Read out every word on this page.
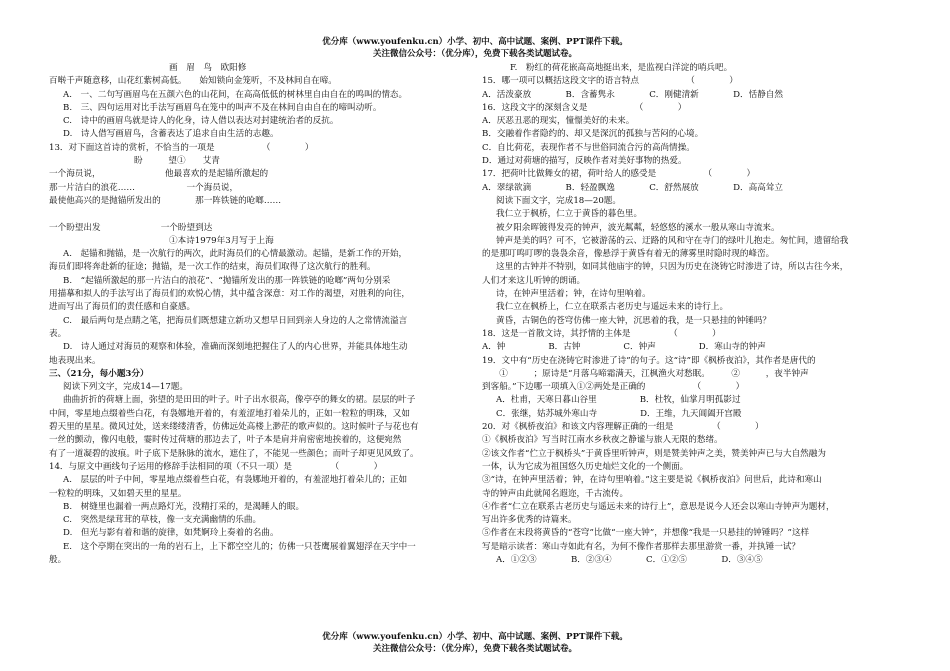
优分库（www.youfenku.cn）小学、初中、高中试题、案例、PPT课件下载。
关注微信公众号：（优分库），免费下载各类试题试卷。
画　眉　鸟　欧阳修
百啭千声随意移，山花红紫树高低。　　始知锁向金笼听，不及林间自在啼。
A.　一、二句写画眉鸟在五颜六色的山花间，在高高低低的树林里自由自在的鸣叫的情态。
B.　三、四句运用对比手法写画眉鸟在笼中的叫声不及在林间自由自在的啼叫动听。
C.　诗中的画眉鸟就是诗人的化身，诗人借以表达对封建统治者的反抗。
D.　诗人借写画眉鸟，含蓄表达了追求自由生活的志趣。
13．对下面这首诗的赏析，不恰当的一项是　　　　　　（　　　　）
盼　　　望①　　艾青
一个海员说，　　　　　　　　他最喜欢的是起锚所激起的
那一片洁白的浪花……　　　　　　一个海员说，
最使他高兴的是抛锚所发出的　　　　那一阵铁链的呛啷……
一个盼望出发　　　　　　　一个盼望到达
①本诗1979年3月写于上海
A.　起锚和抛锚，是一次航行的两次，此时海员们的心情最激动。起锚，是新工作的开始，
海员们即将奔赴新的征途；抛锚，是一次工作的结束，海员们取得了这次航行的胜利。
B.　“起锚所激起的那一片洁白的浪花”、“抛锚所发出的那一阵铁链的呛啷”两句分别采
用描摹和拟人的手法写出了海员们的欢悦心情，其中蕴含深意：对工作的渴望，对胜利的向往，
进而写出了海员们的责任感和自豪感。
C.　最后两句是点睛之笔，把海员们既想建立新功又想早日回到亲人身边的人之常情流溢言
表。
D.　诗人通过对海员的观察和体验，准确而深刻地把握住了人的内心世界，并能具体地生动
地表现出来。
三、（21分，每小题3分）
阅读下列文字，完成14—17题。
曲曲折折的荷塘上面，弥望的是田田的叶子。叶子出水很高，像亭亭的舞女的裙。层层的叶子
中间，零星地点缀着些白花，有袅娜地开着的，有羞涩地打着朵儿的，正如一粒粒的明珠，又如
碧天里的星星。微风过处，送来缕缕清香，仿佛远处高楼上渺茫的歌声似的。这时候叶子与花也有
一丝的颤动，像闪电般，霎时传过荷塘的那边去了，叶子本是肩并肩密密地挨着的，这便宛然
有了一道凝碧的波痕。叶子底下是脉脉的流水，遮住了，不能见一些颜色；而叶子却更见风致了。
14．与原文中画线句子运用的修辞手法相同的项（不只一项）是　　　　　（　　　　）
A.　层层的叶子中间，零星地点缀着些白花，有袅娜地开着的，有羞涩地打着朵儿的；正如
一粒粒的明珠，又如碧天里的星星。
B.　树缝里也漏着一两点路灯光，没精打采的，是渴睡人的眼。
C.　突然是绿茸茸的草枝，像一支充满幽情的乐曲。
D.　但光与影有着和谐的旋律，如梵婀玲上奏着的名曲。
E.　这个亭期在突出的一角的岩石上，上下都空空儿的；仿佛一只苍鹰展着翼翅浮在天宇中一
般。
F.　粉红的荷花嵌高高地挺出来，是监视白洋淀的哨兵吧。
15．哪一项可以概括这段文字的语言特点　　　　　　（　　　　）
A．活泼豪放　　　　B．含蓄隽永　　　　C．刚健清新　　　　D．恬静自然
16．这段文字的深刻含义是　　　　　　（　　　　）
A．厌恶丑恶的现实，憧憬美好的未来。
B．交融着作者隐约的、却又是深沉的孤独与苦闷的心境。
C．自比荷花，表现作者不与世俗同流合污的高尚情操。
D．通过对荷塘的描写，反映作者对美好事物的热爱。
17．把荷叶比做舞女的裙，荷叶给人的感受是　　　　　　（　　　　）
A．翠绿欲滴　　　　B．轻盈飘逸　　　　C．舒然展放　　　　D．高高耸立
阅读下面文字，完成18—20题。
我仁立于枫桥，仁立于黄昏的暮色里。
被夕阳余晖镀得发亮的钟声，波光粼粼，轻悠悠的溪水一般从寒山寺流来。
钟声是美的吗？可不，它被游荡的云、迂路的风和守在寺门的绿叶儿抱走。匆忙间，遗留给我
的是那叮鸣叮啰的袅袅余音，像悬浮于黄昏有着无的薄雾里时隐时现的峰峦。
这里的古钟并不特别，如同其他庙宇的钟，只因为历史在浇铸它时渗进了诗，所以古往今来，
人们才来这儿听钟的朗诵。
诗，在钟声里活着；钟，在诗句里响着。
我仁立在枫桥上，仁立在联系古老历史与遥远未来的诗行上。
黄昏，古铜色的苍穹仿佛一座大钟，沉思着的我，是一只悬挂的钟锤吗？
18．这是一首散文诗，其抒情的主体是　　　　　（　　　　）
A．钟　　　　　B．古钟　　　　　C．钟声　　　　　D．寒山寺的钟声
19．文中有“历史在浇铸它时渗进了诗”的句子。这“诗”即《枫桥夜泊》，其作者是唐代的
　　①　　　；原诗是“月落乌啼霜满天，江枫渔火对愁眠。　　　②　　　，夜半钟声
到客船。”下边哪一项填入①②两处是正确的　　　　　　（　　　　）
A．杜甫，天寒日暮山谷里　　　　　B．杜牧，仙掌月明孤影过
C．张继，姑苏城外寒山寺　　　　　D．王维，九天阊阖开宫殿
20．对《枫桥夜泊》和该文内容理解正确的一组是　　　　　（　　　　）
①《枫桥夜泊》写当时江南水乡秋夜之静谧与旅人无限的愁绪。
②该文作者“伫立于枫桥头”于黄昏里听钟声，则是赞美钟声之美，赞美钟声已与大自然融为
一体，认为它成为祖国悠久历史灿烂文化的一个侧面。
③“诗，在钟声里活着；钟，在诗句里响着。”这主要是说《枫桥夜泊》问世后，此诗和寒山
寺的钟声由此就闻名遐迩，千古流传。
④作者“仁立在联系古老历史与遥远未来的诗行上”，意思是说今人还会以寒山寺钟声为题材，
写出许多优秀的诗篇来。
⑤作者在末段将黄昏的“苍穹”比做“一座大钟”，并想像“我是一只悬挂的钟锤吗？”这样
写是暗示读者：寒山寺如此有名，为何不像作者那样去那里游赏一番，并执锤一试？
A．①②③　　　　B．②③④　　　　C．①②⑤　　　　D．③④⑤
优分库（www.youfenku.cn）小学、初中、高中试题、案例、PPT课件下载。
关注微信公众号：（优分库），免费下载各类试题试卷。
